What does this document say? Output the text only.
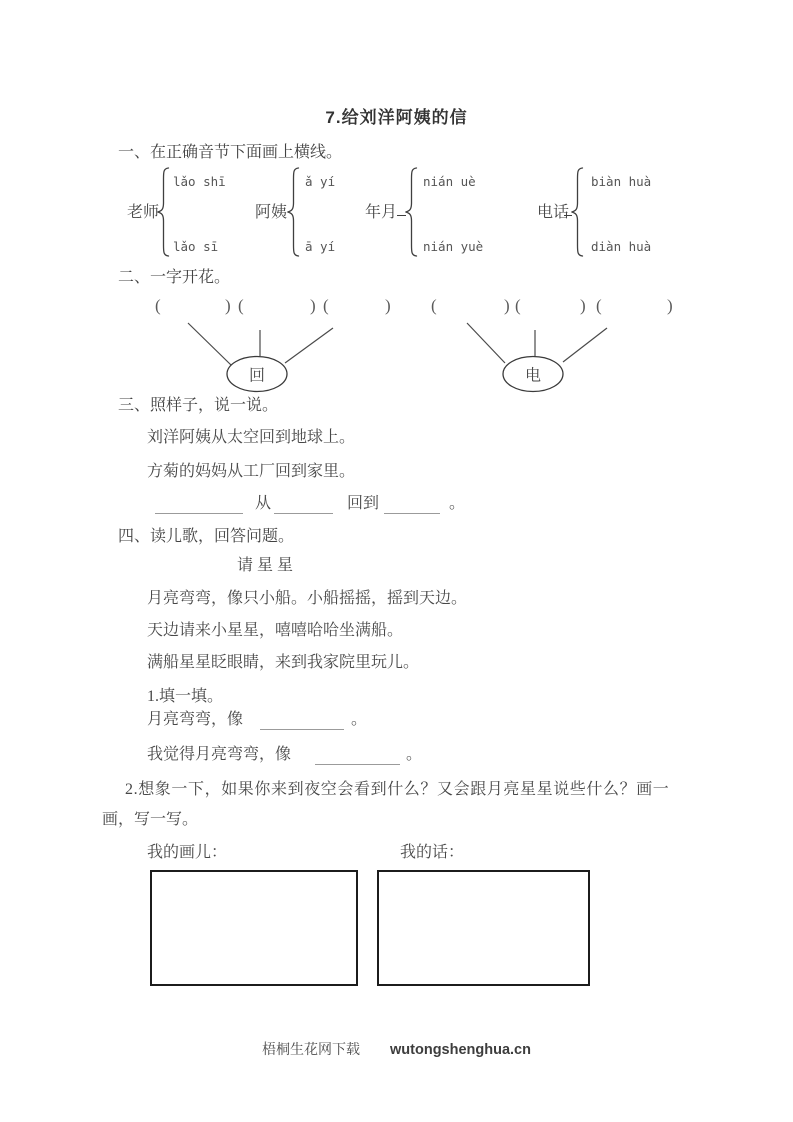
7.给刘洋阿姨的信
一、在正确音节下面画上横线。
老师
lǎo shī
lǎo sī
阿姨
ǎ yí
ā yí
年月
nián uè
nián yuè
电话
biàn huà
diàn huà
二、一字开花。
(	) (	) (	) (	) (	) (	)
回	电
三、照样子，说一说。
刘洋阿姨从太空回到地球上。
方菊的妈妈从工厂回到家里。
从	回到	。
四、读儿歌，回答问题。
请 星 星
月亮弯弯，像只小船。小船摇摇，摇到天边。
天边请来小星星，嘻嘻哈哈坐满船。
满船星星眨眼睛，来到我家院里玩儿。
1.填一填。
月亮弯弯，像	。
我觉得月亮弯弯，像	。
2.想象一下，如果你来到夜空会看到什么？又会跟月亮星星说些什么？画一
画，写一写。
我的画儿：	我的话：
梧桐生花网下载 wutongshenghua.cn
